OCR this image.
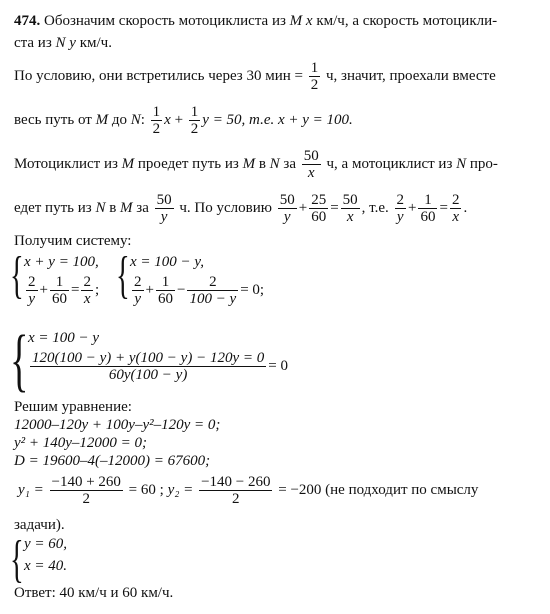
474. Обозначим скорость мотоциклиста из M x км/ч, а скорость мотоцикли-
ста из N y км/ч.
По условию, они встретились через 30 мин = $\frac{1}{2} ч$, значит, проехали вместе
весь путь от M до N: $\frac{1}{2}$ $x + \frac{1}{2}$ y = 50, т.е. x + y = 100.
Мотоциклист из M проедет путь из M в N за $\frac{50}{x} ч$, а мотоциклист из N про-
едет путь из N в M за $\frac{50}{y} ч$. По условию $\frac{50}{y} + \frac{25}{60} = \frac{50}{x}$ , т.е. $\frac{2}{y} + \frac{1}{60} = \frac{2}{x}$ .
Получим систему:
{ x + y = 100,
$\frac{2}{y} + \frac{1}{60} = \frac{2}{x}$ ; { x = 100 − y,
$\frac{2}{y} + \frac{1}{60} - \frac{2}{100 - y} = 0$;
{ x = 100 − y
$\frac{120(100 - y) + y(100 - y) - 120y = 0}{60y(100 - y)} = 0$
Решим уравнение:
12000–120y + 100y–y²–120y = 0;
y² + 140y–12000 = 0;
D = 19600–4(–12000) = 67600;
$y_1 = \frac{-140 + 260}{2} = 60$ ; $y_2 = \frac{-140 - 260}{2} = -200$ (не подходит по смыслу
задачи).
{ y = 60,
x = 40.
Ответ: 40 км/ч и 60 км/ч.
